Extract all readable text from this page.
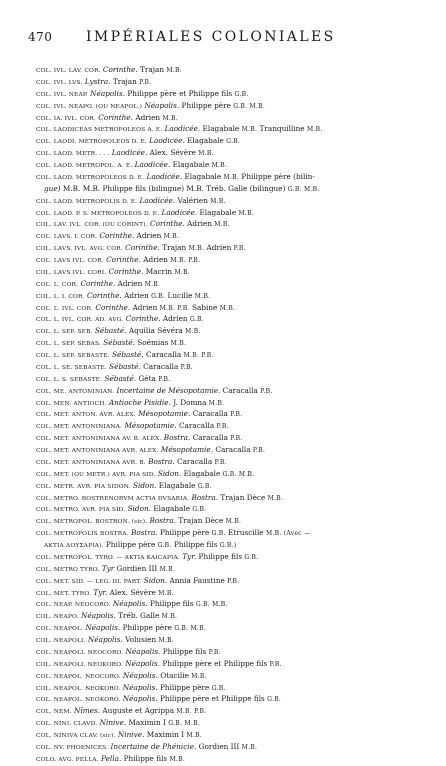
470 IMPÉRIALES COLONIALES
COL. IVL. LAV. COR. Corinthe. Trajan M.B.
COL. IVL. LVS. Lystra. Trajan P.B.
COL. IVL. NEAP. Néapolis. Philippe père et Philippe fils G.B.
COL. IVL. NEAPO. (OU NEAPOL.) Néapolis. Philippe père G.B. M.B.
COL. IA. IVL. COR. Corinthe. Adrien M.B.
COL. LAODICEAS METROPOLEOS A. E. Laodicée. Elagabale M.B. Tranquilline M.B.
COL. LAODI. METROPOLEOS D. E. Laodicée. Elagabale G.B.
COL. LAOD. METR. . . . Laodicée. Alex. Sévère M.B.
COL. LAOD. METROPOL. A. E. Laodicée. Elagabale M.B.
COL. LAOD. METROPOLEOS D. E. Laodicée. Elagabale M.B. Philippe père (bilin-
gue) M.B. M.B. Philippe fils (bilingue) M.B. Tréb. Galle (bilingue) G.B. M.B.
COL. LAOD. METROPOLIS D. E. Laodicée. Valérien M.B.
COL. LAOD. P. S. METROPOLEOS D. E. Laodicée. Elagabale M.B.
COL. LAV. IVL. COR. (OU CORINT). Corinthe. Adrien M.B.
COL. LAVS. I. COR. Corinthe. Adrien M.B.
COL. LAVS. IVL. AVG. COR. Corinthe. Trajan M.B. Adrien P.B.
COL. LAVS IVL. COR. Corinthe. Adrien M.B. P.B.
COL. LAVS IVL. CORI. Corinthe. Macrin M.B.
COL. L. COR. Corinthe. Adrien M.B.
COL. L. I. COR. Corinthe. Adrien G.B. Lucille M.B.
COL. L. IVL. COR. Corinthe. Adrien M.B. P.B. Sabine M.B.
COL. L. IVL. COR. AD. AVG. Corinthe. Adrien G.B.
COL. L. SEP. SEB. Sébasté. Aquilia Sévéra M.B.
COL. L. SEP. SEBAS. Sébasté. Soémias M.B.
COL. L. SEP. SEBASTE. Sébasté. Caracalla M.B. P.B.
COL. L. SE. SEBASTE. Sébasté. Caracalla P.B.
COL. L. S. SEBASTE. Sébasté. Géta P.B.
COL. ME. ANTONINIAN. Incertaine de Mésopotamie. Caracalla P.B.
COL. MEN. ANTIOCH. Antioche Pisidie. J. Domna M.B.
COL. MET. ANTON. AVR. ALEX. Mésopotamie. Caracalla P.B.
COL. MET. ANTONINIANA. Mésopotamie. Caracalla P.B.
COL. MET. ANTONINIANA AV. B. ALEX. Bostra. Caracalla P.B.
COL. MET. ANTONINIANA AVR. ALEX. Mésopotamie. Caracalla P.B.
COL. MET. ANTONINIANA AVR. B. Bostra. Caracalla P.B.
COL. MET. (OU METR.) AVR. PIA SID. Sidon. Elagabale G.B. M.B.
COL. METR. AVR. PIA SIDON. Sidon. Elagabale G.B.
COL. METRO. BOSTRENORVM ACTIA DVSARIA. Bostra. Trajan Dèce M.B.
COL. METRO. AVR. PIA SID. Sidon. Elagabale G.B.
COL. METROPOL. BOSTRON. (sic). Bostra. Trajan Dèce M.B.
COL. METROPOLIS BOSTRA. Bostra. Philippe père G.B. Etruscille M.B. (Avec —
AKTIA ΔΟΥΣΑΡΙΑ). Philippe père G.B. Philippe fils G.B.)
COL. METROPOL. TYRO. — AKTIA KAICAPIA. Tyr. Philippe fils G.B.
COL. METRO TYRO. Tyr Gordien III M.B.
COL. MET. SID. — LEG. III. PART. Sidon. Annia Faustine P.B.
COL. MET. TYRO. Tyr. Alex. Sévère M.B.
COL. NEAP. NEOCORO. Néapolis. Philippe fils G.B. M.B.
COL. NEAPO. Néapolis. Tréb. Galle M.B.
COL. NEAPOL. Néapolis. Philippe père G.B. M.B.
COL. NEAPOLI. Néapolis. Volusien M.B.
COL. NEAPOLI. NEOCORO. Néapolis. Philippe fils P.B.
COL. NEAPOLI. NEOKORO. Néapolis. Philippe père et Philippe fils P.B.
COL. NEAPOL. NEOCORO. Néapolis. Otacilie M.B.
COL. NEAPOL. NEOKORO. Néapolis. Philippe père G.B.
COL. NEAPOL. NEOKORO. Néapolis. Philippe père et Philippe fils G.B.
COL. NEM. Nîmes. Auguste et Agrippa M.B. P.B.
COL. NINI. CLAVD. Ninive. Maximin I G.B. M.B.
COL. NINIVA CLAV. (sic). Ninive. Maximin I M.B.
COL. NV. PHOENICES. Incertaine de Phénicie. Gordien III M.B.
COLO. AVG. PELLA. Pella. Philippe fils M.B.
